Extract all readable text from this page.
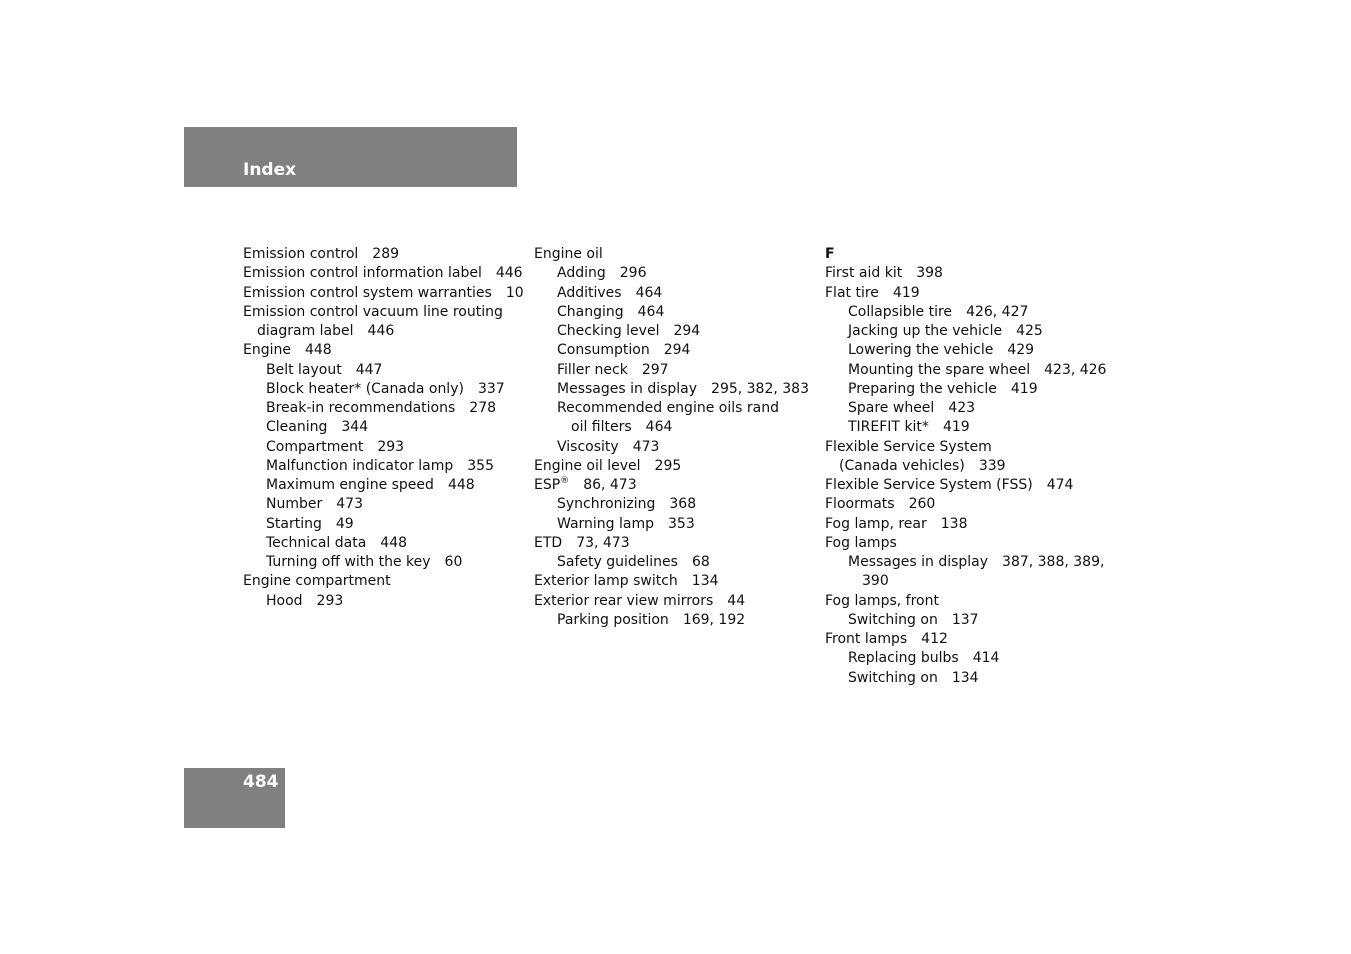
Index
Emission control 289
Emission control information label 446
Emission control system warranties 10
Emission control vacuum line routing
diagram label 446
Engine 448
Belt layout 447
Block heater* (Canada only) 337
Break-in recommendations 278
Cleaning 344
Compartment 293
Malfunction indicator lamp 355
Maximum engine speed 448
Number 473
Starting 49
Technical data 448
Turning off with the key 60
Engine compartment
Hood 293
Engine oil
Adding 296
Additives 464
Changing 464
Checking level 294
Consumption 294
Filler neck 297
Messages in display 295, 382, 383
Recommended engine oils rand
oil filters 464
Viscosity 473
Engine oil level 295
ESP® 86, 473
Synchronizing 368
Warning lamp 353
ETD 73, 473
Safety guidelines 68
Exterior lamp switch 134
Exterior rear view mirrors 44
Parking position 169, 192
F
First aid kit 398
Flat tire 419
Collapsible tire 426, 427
Jacking up the vehicle 425
Lowering the vehicle 429
Mounting the spare wheel 423, 426
Preparing the vehicle 419
Spare wheel 423
TIREFIT kit* 419
Flexible Service System
(Canada vehicles) 339
Flexible Service System (FSS) 474
Floormats 260
Fog lamp, rear 138
Fog lamps
Messages in display 387, 388, 389,
390
Fog lamps, front
Switching on 137
Front lamps 412
Replacing bulbs 414
Switching on 134
484
